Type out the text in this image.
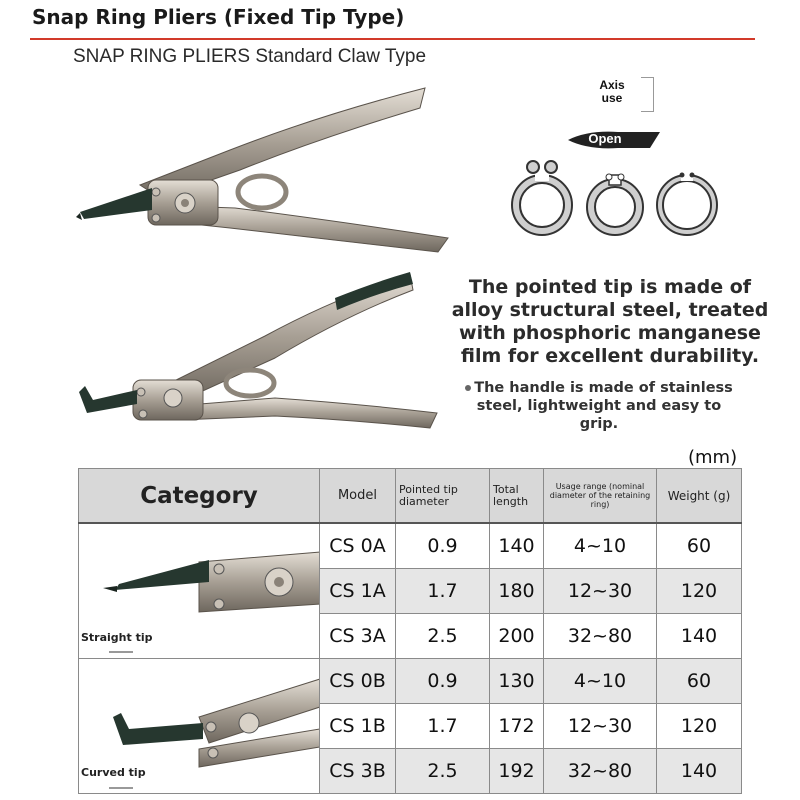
Snap Ring Pliers (Fixed Tip Type)
SNAP RING PLIERS Standard Claw Type
Axis use
Open
The pointed tip is made of alloy structural steel, treated with phosphoric manganese film for excellent durability.
The handle is made of stainless steel, lightweight and easy to grip.
(mm)
Category	Model	Pointed tip diameter	Total length	Usage range (nominal diameter of the retaining ring)	Weight (g)

Straight tip	CS 0A	0.9	140	4~10	60
	CS 1A	1.7	180	12~30	120
	CS 3A	2.5	200	32~80	140

Curved tip	CS 0B	0.9	130	4~10	60
	CS 1B	1.7	172	12~30	120
	CS 3B	2.5	192	32~80	140
